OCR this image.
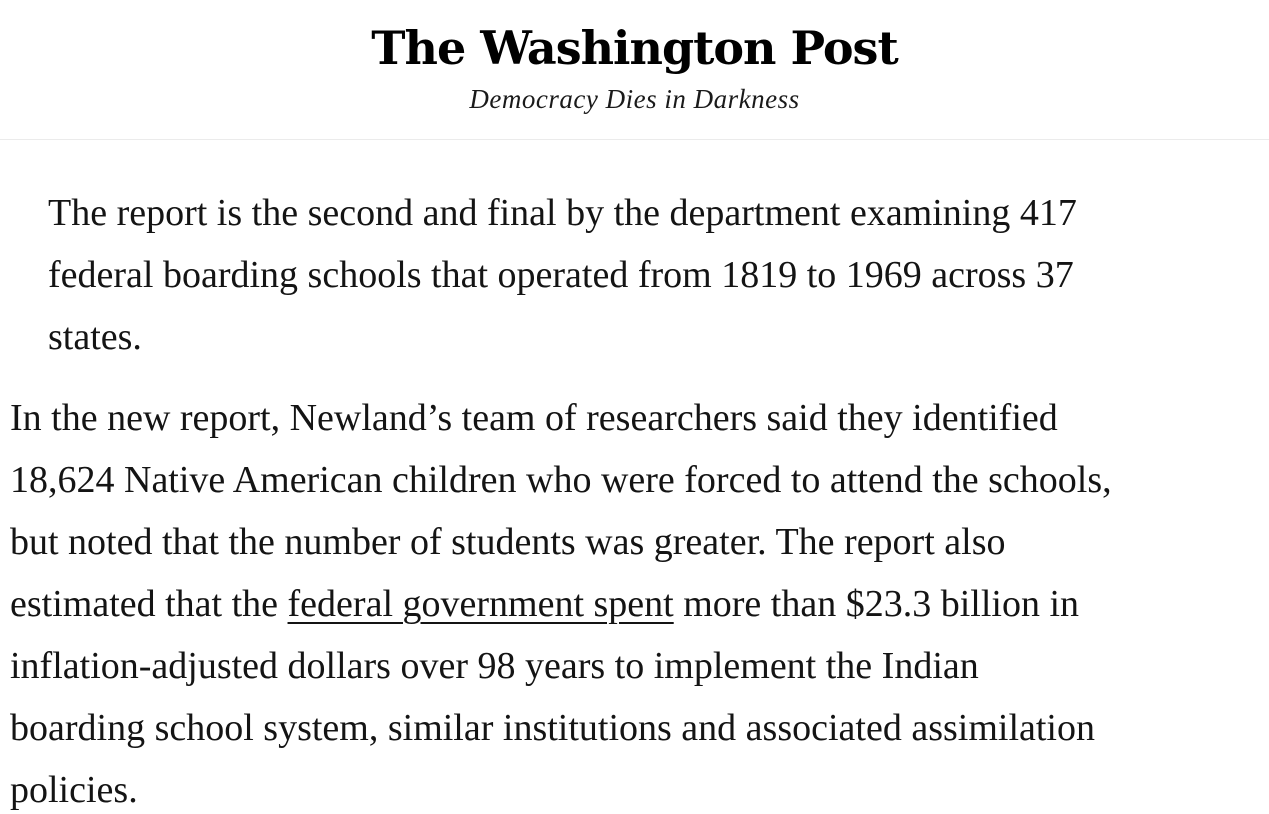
The Washington Post
Democracy Dies in Darkness
The report is the second and final by the department examining 417
federal boarding schools that operated from 1819 to 1969 across 37
states.
In the new report, Newland’s team of researchers said they identified
18,624 Native American children who were forced to attend the schools,
but noted that the number of students was greater. The report also
estimated that the federal government spent more than $23.3 billion in
inflation-adjusted dollars over 98 years to implement the Indian
boarding school system, similar institutions and associated assimilation
policies.
